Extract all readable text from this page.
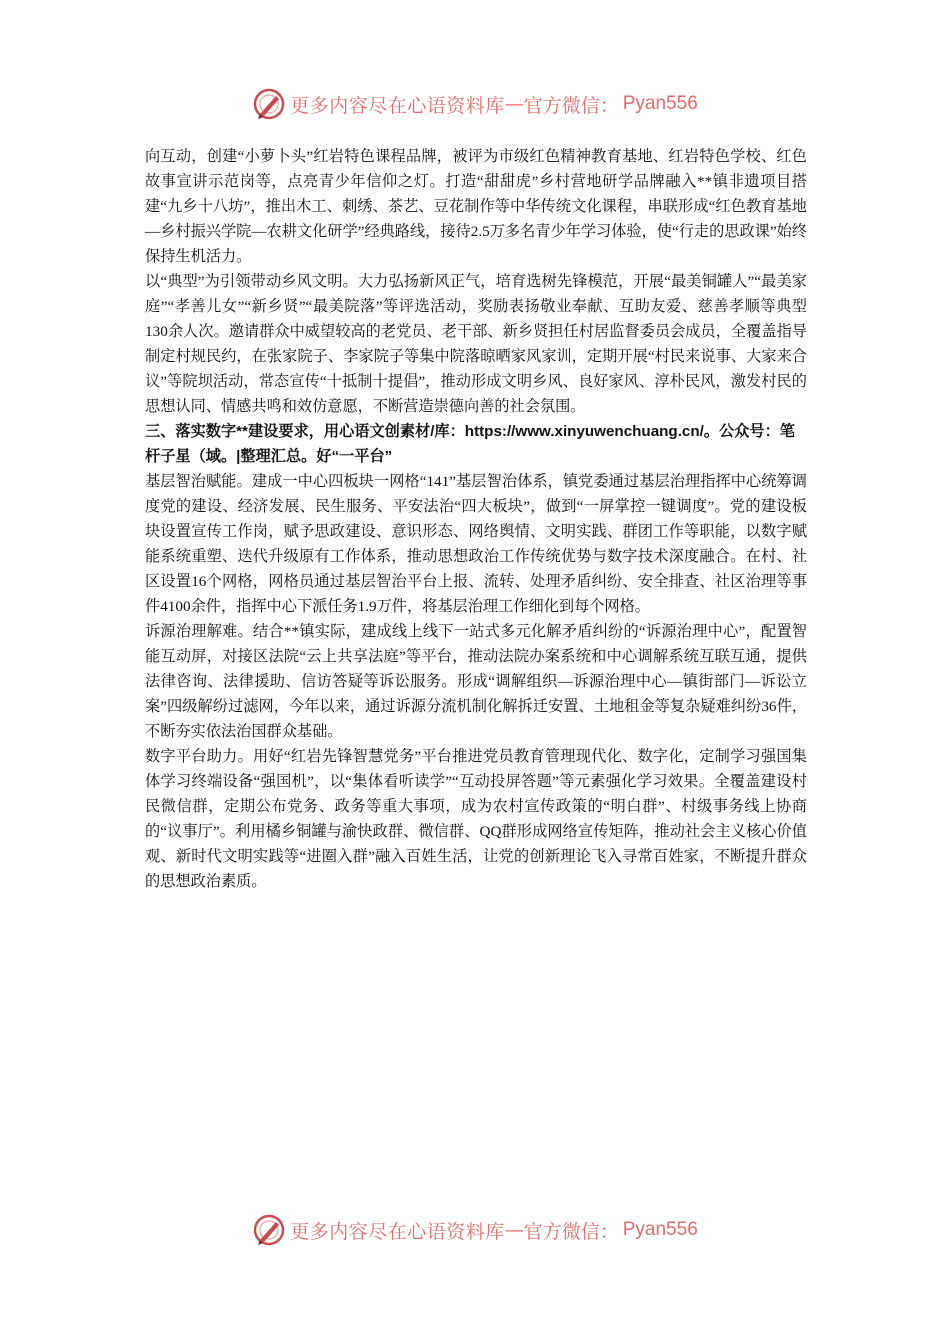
更多内容尽在心语资料库 — 官方微信： Pyan556

向互动，创建“小萝卜头”红岩特色课程品牌，被评为市级红色精神教育基地、红岩特色学校、红色故事宣讲示范岗等，点亮青少年信仰之灯。打造“甜甜虎”乡村营地研学品牌融入**镇非遗项目搭建“九乡十八坊”，推出木工、刺绣、茶艺、豆花制作等中华传统文化课程，串联形成“红色教育基地—乡村振兴学院—农耕文化研学”经典路线，接待2.5万多名青少年学习体验，使“行走的思政课”始终保持生机活力。

以“典型”为引领带动乡风文明。大力弘扬新风正气，培育选树先锋模范，开展“最美铜罐人”“最美家庭”“孝善儿女”“新乡贤”“最美院落”等评选活动，奖励表扬敬业奉献、互助友爱、慈善孝顺等典型130余人次。邀请群众中威望较高的老党员、老干部、新乡贤担任村居监督委员会成员，全覆盖指导制定村规民约，在张家院子、李家院子等集中院落晾晒家风家训，定期开展“村民来说事、大家来合议”等院坝活动，常态宣传“十抵制十提倡”，推动形成文明乡风、良好家风、淳朴民风，激发村民的思想认同、情感共鸣和效仿意愿，不断营造崇德向善的社会氛围。

三、落实数字**建设要求，用心语文创素材/库：https://www.xinyuwenchuang.cn/。公众号：笔杆子星（域。|整理汇总。好“一平台”

基层智治赋能。建成一中心四板块一网格“141”基层智治体系，镇党委通过基层治理指挥中心统筹调度党的建设、经济发展、民生服务、平安法治“四大板块”，做到“一屏掌控一键调度”。党的建设板块设置宣传工作岗，赋予思政建设、意识形态、网络舆情、文明实践、群团工作等职能，以数字赋能系统重塑、迭代升级原有工作体系，推动思想政治工作传统优势与数字技术深度融合。在村、社区设置16个网格，网格员通过基层智治平台上报、流转、处理矛盾纠纷、安全排查、社区治理等事件4100余件，指挥中心下派任务1.9万件，将基层治理工作细化到每个网格。

诉源治理解难。结合**镇实际，建成线上线下一站式多元化解矛盾纠纷的“诉源治理中心”，配置智能互动屏，对接区法院“云上共享法庭”等平台，推动法院办案系统和中心调解系统互联互通，提供法律咨询、法律援助、信访答疑等诉讼服务。形成“调解组织—诉源治理中心—镇街部门—诉讼立案”四级解纷过滤网，今年以来，通过诉源分流机制化解拆迁安置、土地租金等复杂疑难纠纷36件，不断夯实依法治国群众基础。

数字平台助力。用好“红岩先锋智慧党务”平台推进党员教育管理现代化、数字化，定制学习强国集体学习终端设备“强国机”，以“集体看听读学”“互动投屏答题”等元素强化学习效果。全覆盖建设村民微信群，定期公布党务、政务等重大事项，成为农村宣传政策的“明白群”、村级事务线上协商的“议事厅”。利用橘乡铜罐与渝快政群、微信群、QQ群形成网络宣传矩阵，推动社会主义核心价值观、新时代文明实践等“进圈入群”融入百姓生活，让党的创新理论飞入寻常百姓家，不断提升群众的思想政治素质。

更多内容尽在心语资料库 — 官方微信： Pyan556
